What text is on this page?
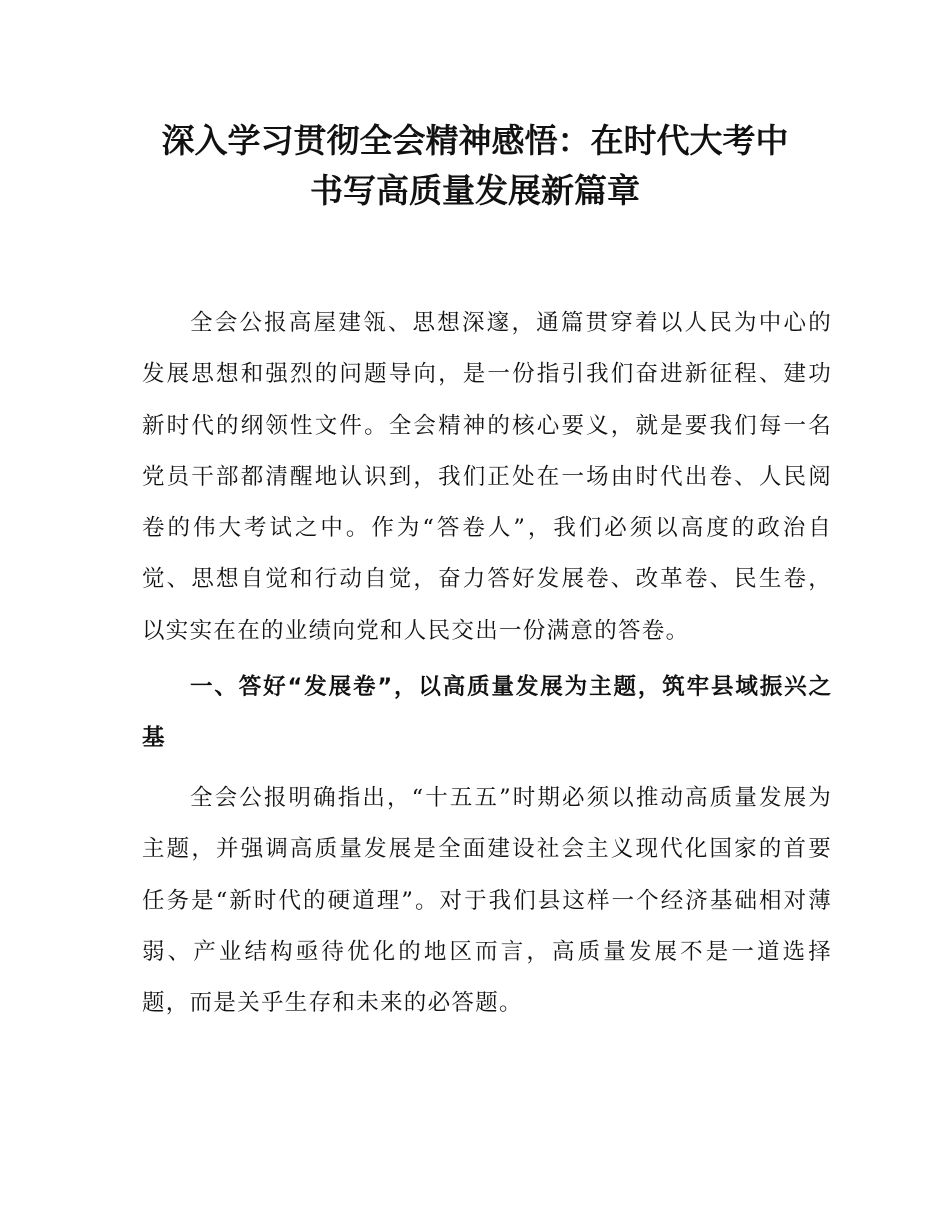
深入学习贯彻全会精神感悟：在时代大考中
书写高质量发展新篇章

全会公报高屋建瓴、思想深邃，通篇贯穿着以人民为中心的发展思想和强烈的问题导向，是一份指引我们奋进新征程、建功新时代的纲领性文件。全会精神的核心要义，就是要我们每一名党员干部都清醒地认识到，我们正处在一场由时代出卷、人民阅卷的伟大考试之中。作为“答卷人”，我们必须以高度的政治自觉、思想自觉和行动自觉，奋力答好发展卷、改革卷、民生卷，以实实在在的业绩向党和人民交出一份满意的答卷。

一、答好“发展卷”，以高质量发展为主题，筑牢县域振兴之基

全会公报明确指出，“十五五”时期必须以推动高质量发展为主题，并强调高质量发展是全面建设社会主义现代化国家的首要任务是“新时代的硬道理”。对于我们县这样一个经济基础相对薄弱、产业结构亟待优化的地区而言，高质量发展不是一道选择题，而是关乎生存和未来的必答题。
